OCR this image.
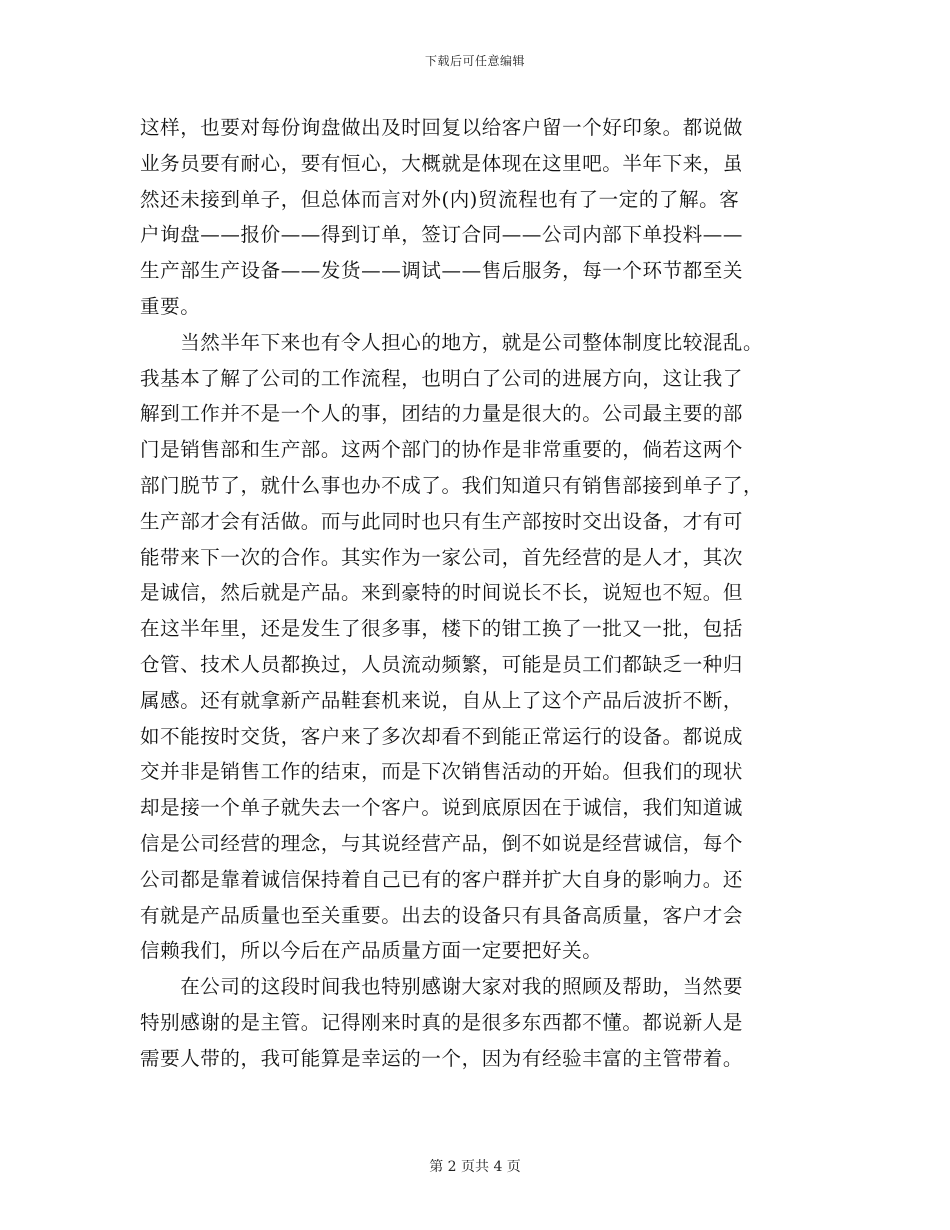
下载后可任意编辑
这样，也要对每份询盘做出及时回复以给客户留一个好印象。都说做
业务员要有耐心，要有恒心，大概就是体现在这里吧。半年下来，虽
然还未接到单子，但总体而言对外(内)贸流程也有了一定的了解。客
户询盘——报价——得到订单，签订合同——公司内部下单投料——
生产部生产设备——发货——调试——售后服务，每一个环节都至关
重要。
　　当然半年下来也有令人担心的地方，就是公司整体制度比较混乱。
我基本了解了公司的工作流程，也明白了公司的进展方向，这让我了
解到工作并不是一个人的事，团结的力量是很大的。公司最主要的部
门是销售部和生产部。这两个部门的协作是非常重要的，倘若这两个
部门脱节了，就什么事也办不成了。我们知道只有销售部接到单子了，
生产部才会有活做。而与此同时也只有生产部按时交出设备，才有可
能带来下一次的合作。其实作为一家公司，首先经营的是人才，其次
是诚信，然后就是产品。来到豪特的时间说长不长，说短也不短。但
在这半年里，还是发生了很多事，楼下的钳工换了一批又一批，包括
仓管、技术人员都换过，人员流动频繁，可能是员工们都缺乏一种归
属感。还有就拿新产品鞋套机来说，自从上了这个产品后波折不断，
如不能按时交货，客户来了多次却看不到能正常运行的设备。都说成
交并非是销售工作的结束，而是下次销售活动的开始。但我们的现状
却是接一个单子就失去一个客户。说到底原因在于诚信，我们知道诚
信是公司经营的理念，与其说经营产品，倒不如说是经营诚信，每个
公司都是靠着诚信保持着自己已有的客户群并扩大自身的影响力。还
有就是产品质量也至关重要。出去的设备只有具备高质量，客户才会
信赖我们，所以今后在产品质量方面一定要把好关。
　　在公司的这段时间我也特别感谢大家对我的照顾及帮助，当然要
特别感谢的是主管。记得刚来时真的是很多东西都不懂。都说新人是
需要人带的，我可能算是幸运的一个，因为有经验丰富的主管带着。
第 2 页共 4 页
